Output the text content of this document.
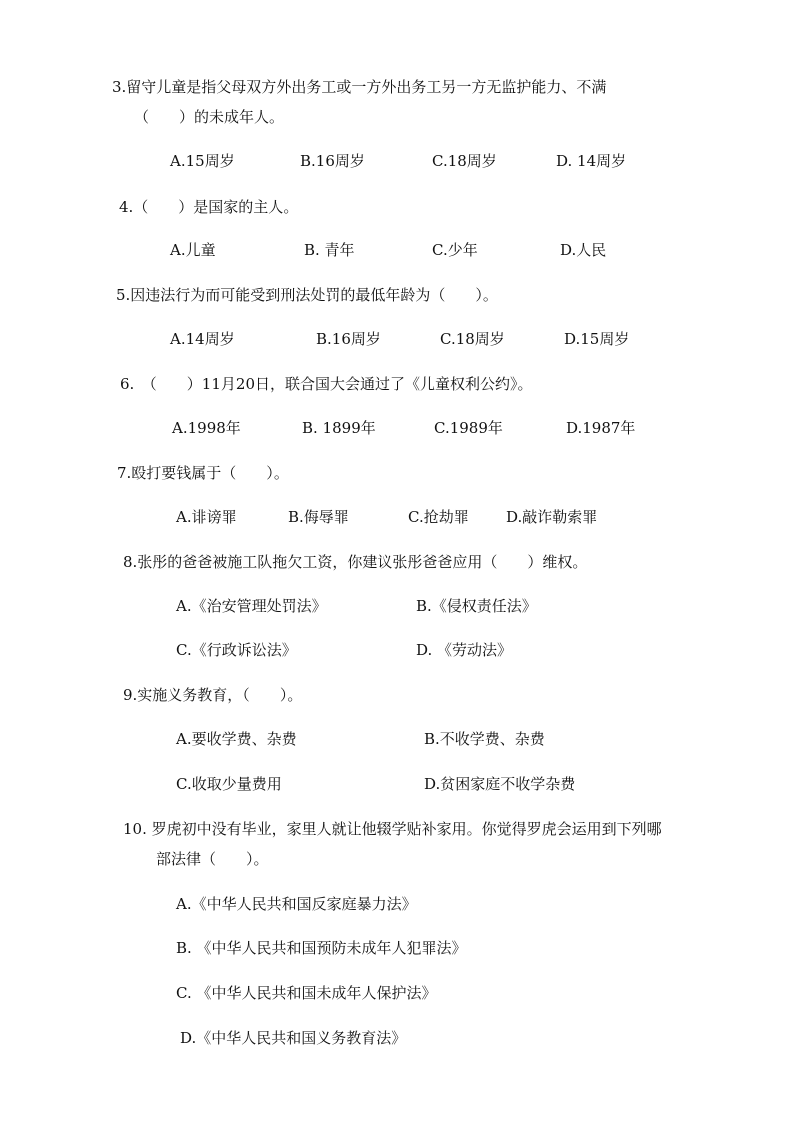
3.留守儿童是指父母双方外出务工或一方外出务工另一方无监护能力、不满
（　　）的未成年人。
A.15周岁	B.16周岁	C.18周岁	D. 14周岁
4.（　　）是国家的主人。
A.儿童	B. 青年	C.少年	D.人民
5.因违法行为而可能受到刑法处罚的最低年龄为（　　）。
A.14周岁	B.16周岁	C.18周岁	D.15周岁
6.　（　　）11月20日，联合国大会通过了《儿童权利公约》。
A.1998年	B. 1899年	C.1989年	D.1987年
7.殴打要钱属于（　　）。
A.诽谤罪	B.侮辱罪	C.抢劫罪 D.敲诈勒索罪
8.张彤的爸爸被施工队拖欠工资，你建议张彤爸爸应用（　　）维权。
A.《治安管理处罚法》	B.《侵权责任法》
C.《行政诉讼法》	D. 《劳动法》
9.实施义务教育，（　　）。
A.要收学费、杂费	B.不收学费、杂费
C.收取少量费用	D.贫困家庭不收学杂费
10. 罗虎初中没有毕业，家里人就让他辍学贴补家用。你觉得罗虎会运用到下列哪
部法律（　　）。
A.《中华人民共和国反家庭暴力法》
B. 《中华人民共和国预防未成年人犯罪法》
C. 《中华人民共和国未成年人保护法》
D.《中华人民共和国义务教育法》
